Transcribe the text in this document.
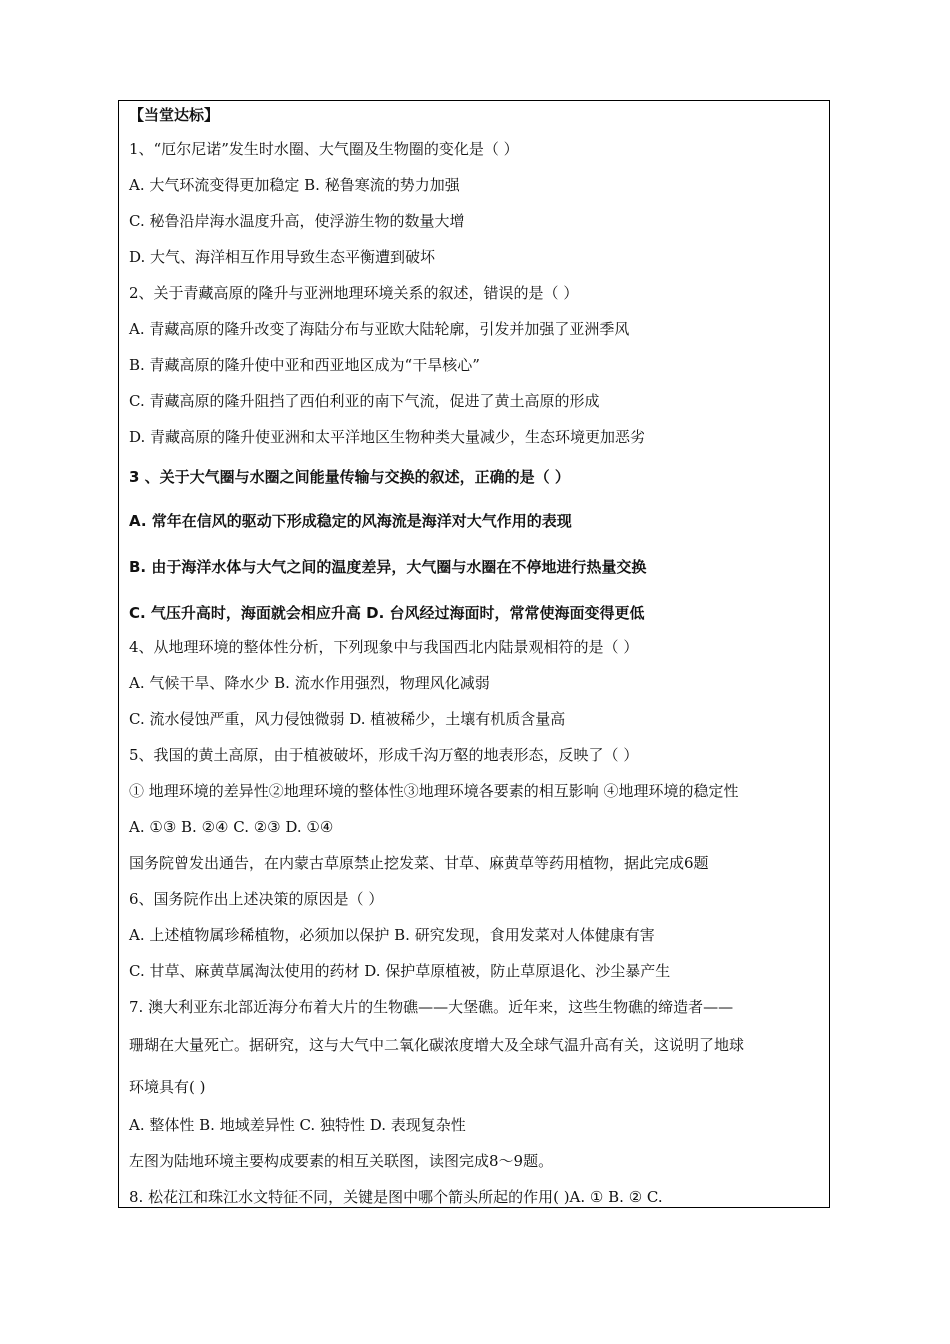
【当堂达标】
1、“厄尔尼诺”发生时水圈、大气圈及生物圈的变化是（ ）
A. 大气环流变得更加稳定 B. 秘鲁寒流的势力加强
C. 秘鲁沿岸海水温度升高，使浮游生物的数量大增
D. 大气、海洋相互作用导致生态平衡遭到破坏
2、关于青藏高原的隆升与亚洲地理环境关系的叙述，错误的是（ ）
A. 青藏高原的隆升改变了海陆分布与亚欧大陆轮廓，引发并加强了亚洲季风
B. 青藏高原的隆升使中亚和西亚地区成为“干旱核心”
C. 青藏高原的隆升阻挡了西伯利亚的南下气流，促进了黄土高原的形成
D. 青藏高原的隆升使亚洲和太平洋地区生物种类大量减少，生态环境更加恶劣
3 、关于大气圈与水圈之间能量传输与交换的叙述，正确的是（ ）
A. 常年在信风的驱动下形成稳定的风海流是海洋对大气作用的表现
B. 由于海洋水体与大气之间的温度差异，大气圈与水圈在不停地进行热量交换
C. 气压升高时，海面就会相应升高 D. 台风经过海面时，常常使海面变得更低
4、从地理环境的整体性分析，下列现象中与我国西北内陆景观相符的是（ ）
A. 气候干旱、降水少 B. 流水作用强烈，物理风化减弱
C. 流水侵蚀严重，风力侵蚀微弱 D. 植被稀少，土壤有机质含量高
5、我国的黄土高原，由于植被破坏，形成千沟万壑的地表形态，反映了（ ）
① 地理环境的差异性②地理环境的整体性③地理环境各要素的相互影响 ④地理环境的稳定性
A. ①③ B. ②④ C. ②③ D. ①④
国务院曾发出通告，在内蒙古草原禁止挖发菜、甘草、麻黄草等药用植物，据此完成6题
6、国务院作出上述决策的原因是（ ）
A. 上述植物属珍稀植物，必须加以保护 B. 研究发现，食用发菜对人体健康有害
C. 甘草、麻黄草属淘汰使用的药材 D. 保护草原植被，防止草原退化、沙尘暴产生
7. 澳大利亚东北部近海分布着大片的生物礁——大堡礁。近年来，这些生物礁的缔造者——
珊瑚在大量死亡。据研究，这与大气中二氧化碳浓度增大及全球气温升高有关，这说明了地球
环境具有( )
A. 整体性 B. 地域差异性 C. 独特性 D. 表现复杂性
左图为陆地环境主要构成要素的相互关联图，读图完成8～9题。
8. 松花江和珠江水文特征不同，关键是图中哪个箭头所起的作用( )A. ① B. ② C.
